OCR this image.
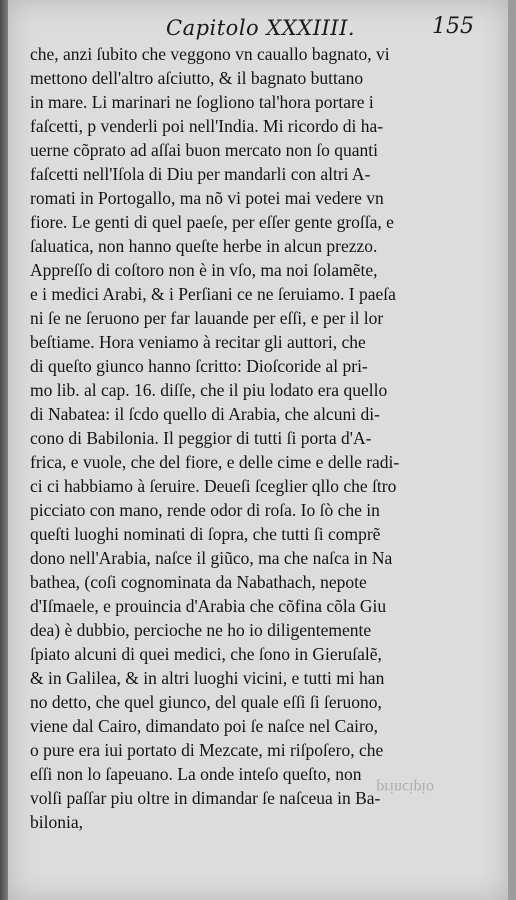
Capitolo XXXIIII.	155
che, anzi ſubito che veggono vn cauallo bagnato, vi
mettono dell'altro aſciutto, & il bagnato buttano
in mare. Li marinari ne ſogliono tal'hora portare i
faſcetti, p venderli poi nell'India. Mi ricordo di ha-
uerne cõprato ad aſſai buon mercato non ſo quanti
faſcetti nell'Iſola di Diu per mandarli con altri A-
romati in Portogallo, ma nõ vi potei mai vedere vn
fiore. Le genti di quel paeſe, per eſſer gente groſſa, e
ſaluatica, non hanno queſte herbe in alcun prezzo.
Appreſſo di coſtoro non è in vſo, ma noi ſolamẽte,
e i medici Arabi, & i Perſiani ce ne ſeruiamo. I paeſa
ni ſe ne ſeruono per far lauande per eſſi, e per il lor
beſtiame. Hora veniamo à recitar gli auttori, che
di queſto giunco hanno ſcritto: Dioſcoride al pri-
mo lib. al cap. 16. diſſe, che il piu lodato era quello
di Nabatea: il ſcdo quello di Arabia, che alcuni di-
cono di Babilonia. Il peggior di tutti ſi porta d'A-
frica, e vuole, che del fiore, e delle cime e delle radi-
ci ci habbiamo à ſeruire. Deueſi ſceglier qllo che ſtro
picciato con mano, rende odor di roſa. Io ſò che in
queſti luoghi nominati di ſopra, che tutti ſi comprẽ
dono nell'Arabia, naſce il giũco, ma che naſca in Na
bathea, (coſi cognominata da Nabathach, nepote
d'Iſmaele, e prouincia d'Arabia che cõfina cõla Giu
dea) è dubbio, percioche ne ho io diligentemente
ſpiato alcuni di quei medici, che ſono in Gieruſalẽ,
& in Galilea, & in altri luoghi vicini, e tutti mi han
no detto, che quel giunco, del quale eſſi ſi ſeruono,
viene dal Cairo, dimandato poi ſe naſce nel Cairo,
o pure era iui portato di Mezcate, mi riſpoſero, che
eſſi non lo ſapeuano. La onde inteſo queſto, non
volſi paſſar piu oltre in dimandar ſe naſceua in Ba-
bilonia,
principio
